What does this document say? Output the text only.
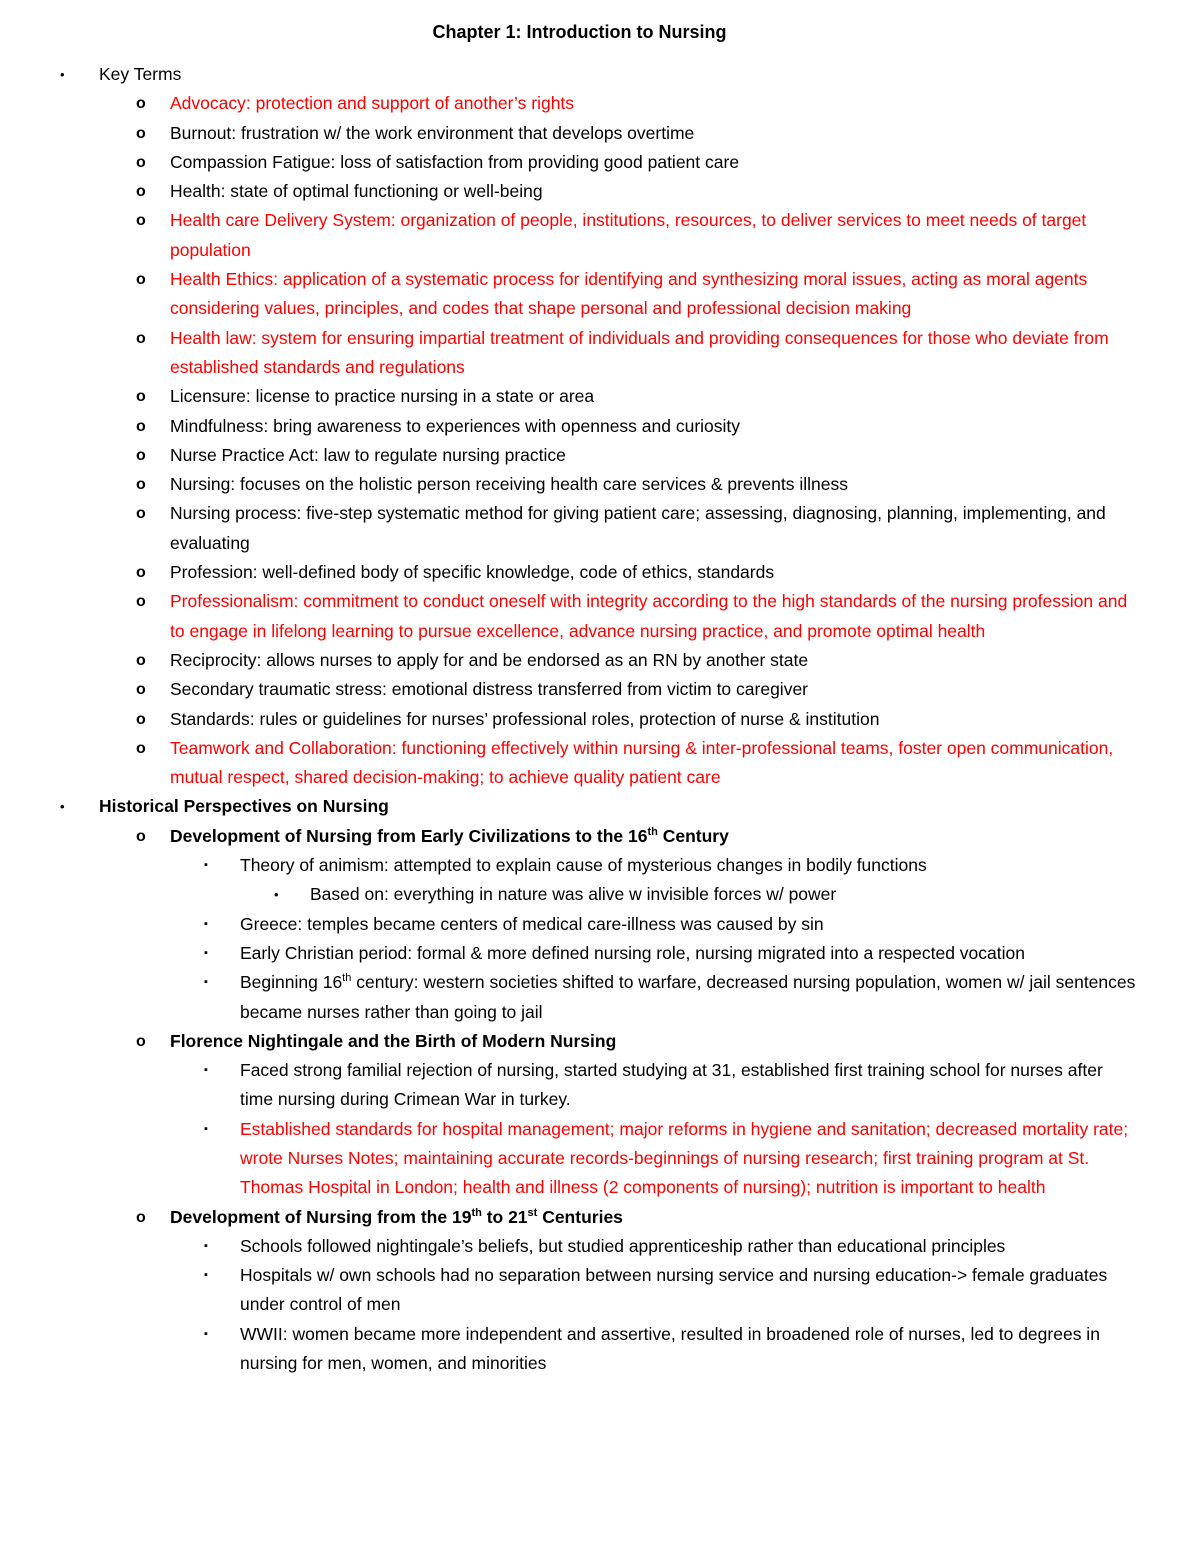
Chapter 1: Introduction to Nursing
• Key Terms
o Advocacy: protection and support of another’s rights
o Burnout: frustration w/ the work environment that develops overtime
o Compassion Fatigue: loss of satisfaction from providing good patient care
o Health: state of optimal functioning or well-being
o Health care Delivery System: organization of people, institutions, resources, to deliver services to meet needs of target population
o Health Ethics: application of a systematic process for identifying and synthesizing moral issues, acting as moral agents considering values, principles, and codes that shape personal and professional decision making
o Health law: system for ensuring impartial treatment of individuals and providing consequences for those who deviate from established standards and regulations
o Licensure: license to practice nursing in a state or area
o Mindfulness: bring awareness to experiences with openness and curiosity
o Nurse Practice Act: law to regulate nursing practice
o Nursing: focuses on the holistic person receiving health care services & prevents illness
o Nursing process: five-step systematic method for giving patient care; assessing, diagnosing, planning, implementing, and evaluating
o Profession: well-defined body of specific knowledge, code of ethics, standards
o Professionalism: commitment to conduct oneself with integrity according to the high standards of the nursing profession and to engage in lifelong learning to pursue excellence, advance nursing practice, and promote optimal health
o Reciprocity: allows nurses to apply for and be endorsed as an RN by another state
o Secondary traumatic stress: emotional distress transferred from victim to caregiver
o Standards: rules or guidelines for nurses’ professional roles, protection of nurse & institution
o Teamwork and Collaboration: functioning effectively within nursing & inter-professional teams, foster open communication, mutual respect, shared decision-making; to achieve quality patient care
• Historical Perspectives on Nursing
o Development of Nursing from Early Civilizations to the 16th Century
▪ Theory of animism: attempted to explain cause of mysterious changes in bodily functions
• Based on: everything in nature was alive w invisible forces w/ power
▪ Greece: temples became centers of medical care-illness was caused by sin
▪ Early Christian period: formal & more defined nursing role, nursing migrated into a respected vocation
▪ Beginning 16th century: western societies shifted to warfare, decreased nursing population, women w/ jail sentences became nurses rather than going to jail
o Florence Nightingale and the Birth of Modern Nursing
▪ Faced strong familial rejection of nursing, started studying at 31, established first training school for nurses after time nursing during Crimean War in turkey.
▪ Established standards for hospital management; major reforms in hygiene and sanitation; decreased mortality rate; wrote Nurses Notes; maintaining accurate records-beginnings of nursing research; first training program at St. Thomas Hospital in London; health and illness (2 components of nursing); nutrition is important to health
o Development of Nursing from the 19th to 21st Centuries
▪ Schools followed nightingale’s beliefs, but studied apprenticeship rather than educational principles
▪ Hospitals w/ own schools had no separation between nursing service and nursing education-> female graduates under control of men
▪ WWII: women became more independent and assertive, resulted in broadened role of nurses, led to degrees in nursing for men, women, and minorities
